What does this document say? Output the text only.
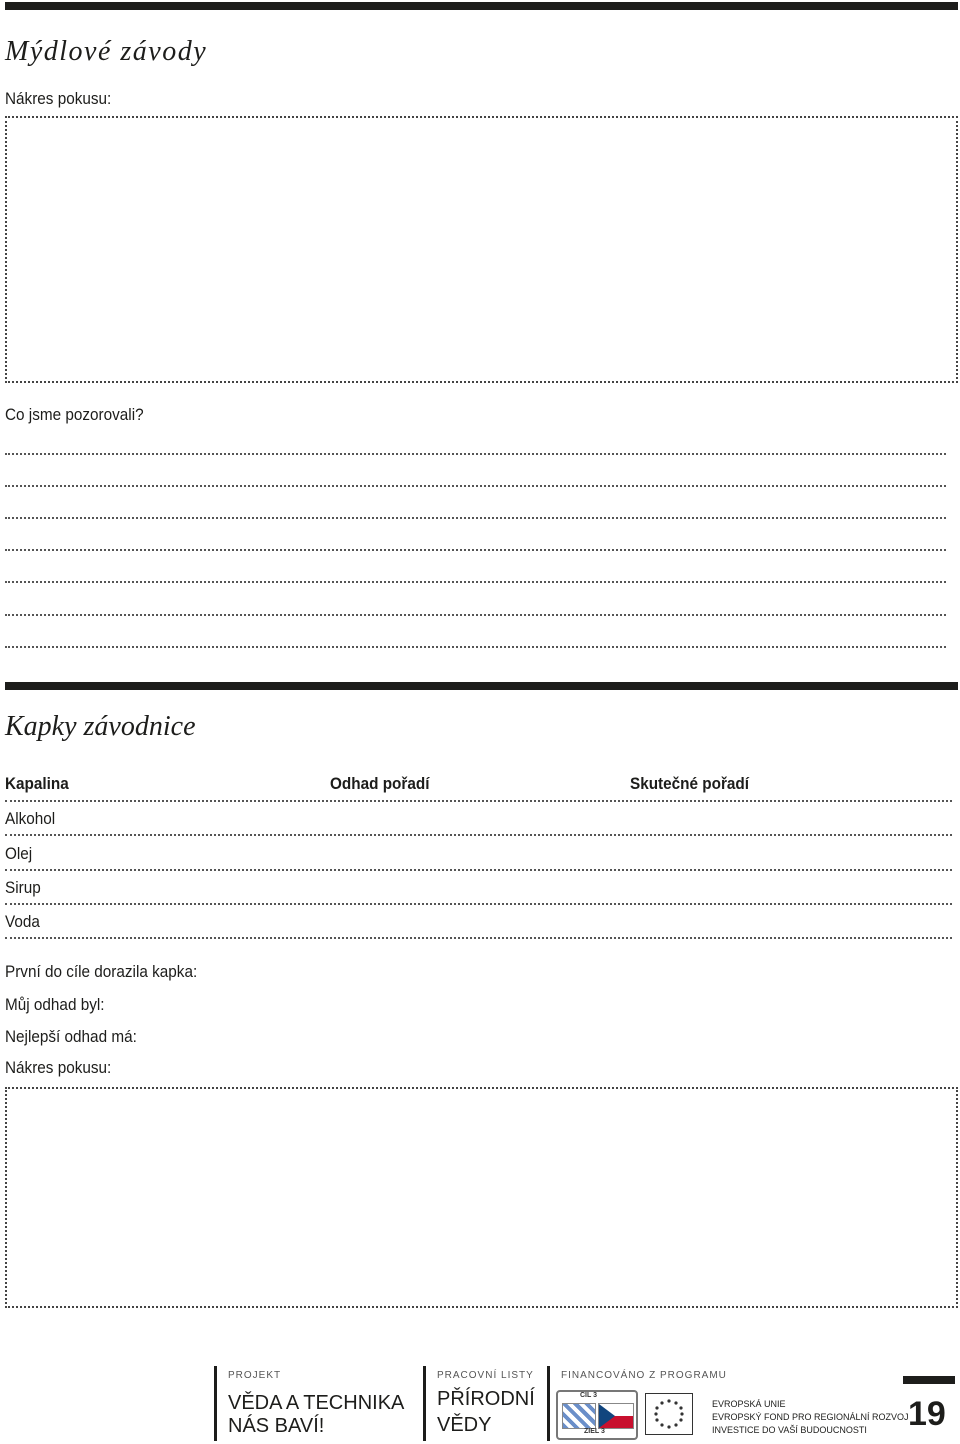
Mýdlové závody
Nákres pokusu:
Co jsme pozorovali?
Kapky závodnice
Kapalina	Odhad pořadí	Skutečné pořadí
Alkohol
Olej
Sirup
Voda
První do cíle dorazila kapka:
Můj odhad byl:
Nejlepší odhad má:
Nákres pokusu:
PROJEKT
VĚDA A TECHNIKA
NÁS BAVÍ!
PRACOVNÍ LISTY
PŘÍRODNÍ
VĚDY
FINANCOVÁNO Z PROGRAMU
CÍL 3
ZIEL 3
EVROPSKÁ UNIE
EVROPSKÝ FOND PRO REGIONÁLNÍ ROZVOJ
INVESTICE DO VAŠÍ BUDOUCNOSTI 19
